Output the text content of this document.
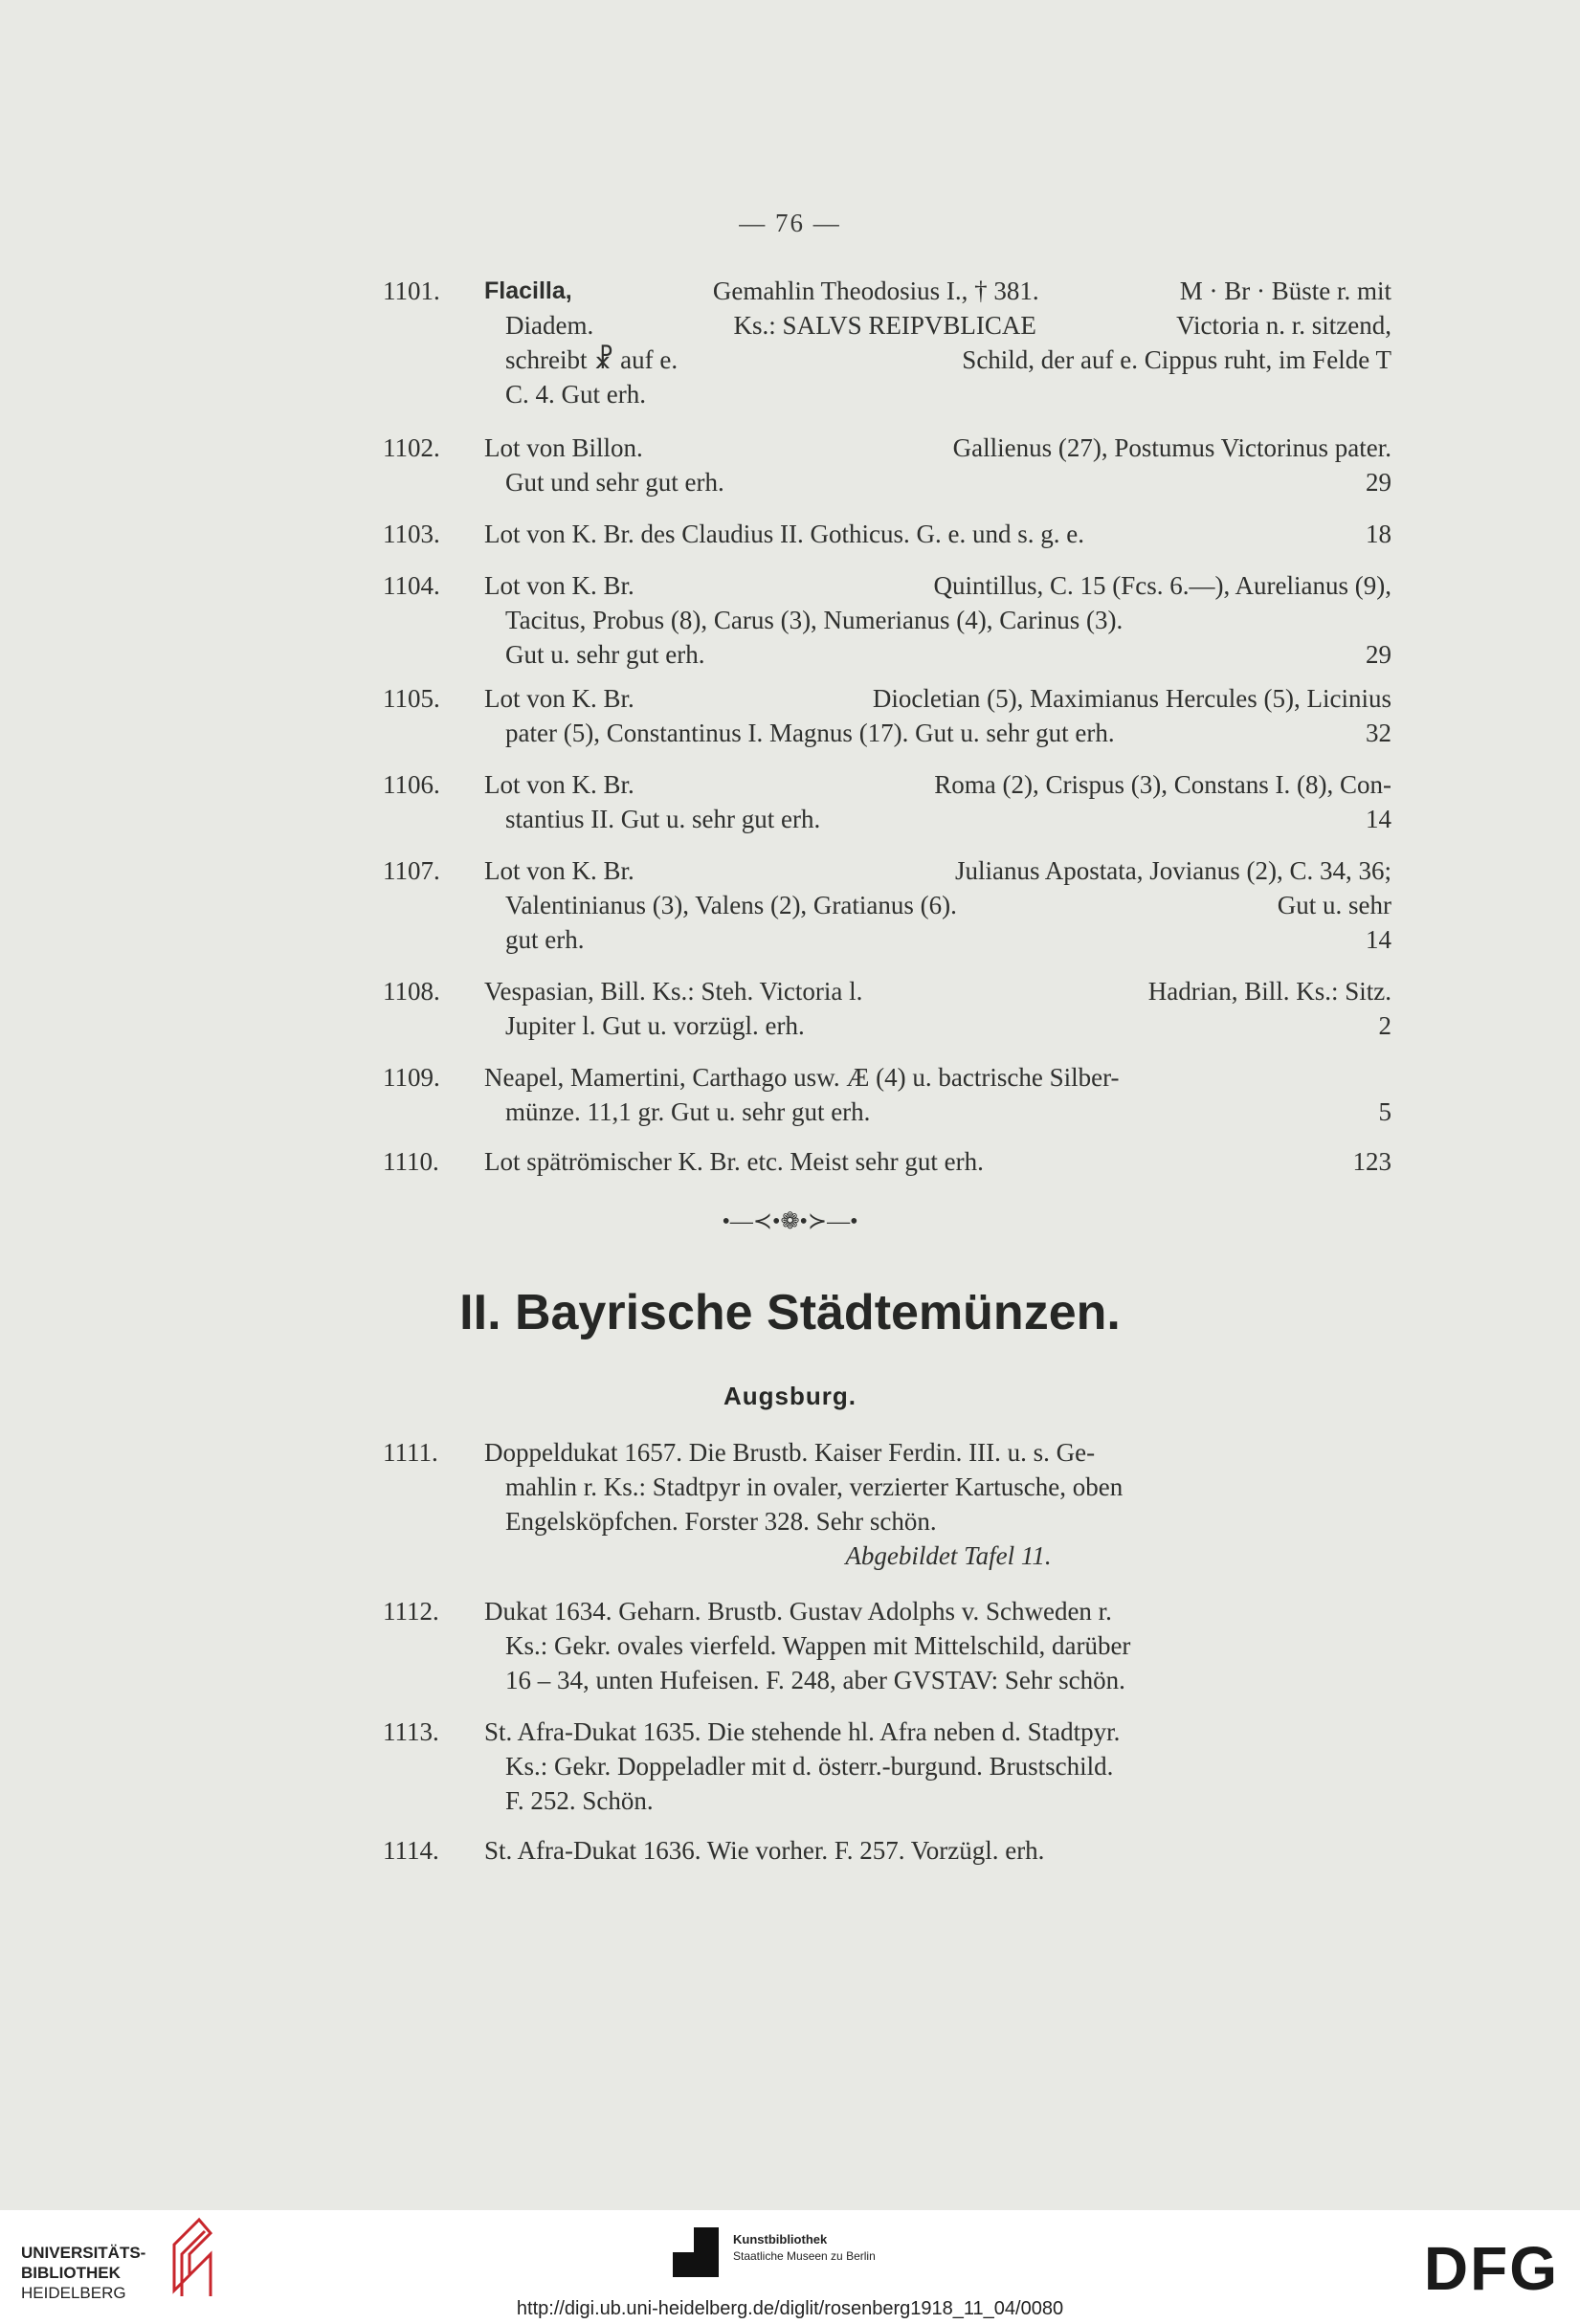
— 76 —
1101.	Flacilla,	Gemahlin Theodosius I., † 381.	M · Br · Büste r. mit
Diadem.	Ks.: SALVS REIPVBLICAE	Victoria n. r. sitzend,
schreibt ☧ auf e.	Schild, der auf e. Cippus ruht, im Felde T
C. 4. Gut erh.
1102.	Lot von Billon.	Gallienus (27), Postumus Victorinus pater.
Gut und sehr gut erh.	29
1103.	Lot von K. Br. des Claudius II. Gothicus. G. e. und s. g. e.	18
1104.	Lot von K. Br.	Quintillus, C. 15 (Fcs. 6.—), Aurelianus (9),
Tacitus, Probus (8), Carus (3), Numerianus (4), Carinus (3).
Gut u. sehr gut erh.	29
1105.	Lot von K. Br.	Diocletian (5), Maximianus Hercules (5), Licinius
pater (5), Constantinus I. Magnus (17). Gut u. sehr gut erh.	32
1106.	Lot von K. Br.	Roma (2), Crispus (3), Constans I. (8), Con-
stantius II. Gut u. sehr gut erh.	14
1107.	Lot von K. Br.	Julianus Apostata, Jovianus (2), C. 34, 36;
Valentinianus (3), Valens (2), Gratianus (6).	Gut u. sehr
gut erh.	14
1108.	Vespasian, Bill. Ks.: Steh. Victoria l.	Hadrian, Bill. Ks.: Sitz.
Jupiter l. Gut u. vorzügl. erh.	2
1109.	Neapel, Mamertini, Carthago usw. Æ (4) u. bactrische Silber-
münze. 11,1 gr. Gut u. sehr gut erh.	5
1110.	Lot spätrömischer K. Br. etc. Meist sehr gut erh.	123
•—≺•❁•≻—•
II. Bayrische Städtemünzen.
Augsburg.
1111.	Doppeldukat 1657. Die Brustb. Kaiser Ferdin. III. u. s. Ge-
mahlin r. Ks.: Stadtpyr in ovaler, verzierter Kartusche, oben
Engelsköpfchen. Forster 328. Sehr schön.
Abgebildet Tafel 11.
1112.	Dukat 1634. Geharn. Brustb. Gustav Adolphs v. Schweden r.
Ks.: Gekr. ovales vierfeld. Wappen mit Mittelschild, darüber
16 – 34, unten Hufeisen. F. 248, aber GVSTAV: Sehr schön.
1113.	St. Afra-Dukat 1635. Die stehende hl. Afra neben d. Stadtpyr.
Ks.: Gekr. Doppeladler mit d. österr.-burgund. Brustschild.
F. 252. Schön.
1114.	St. Afra-Dukat 1636. Wie vorher. F. 257. Vorzügl. erh.
UNIVERSITÄTS-
BIBLIOTHEK
HEIDELBERG
Kunstbibliothek
Staatliche Museen zu Berlin	DFG
http://digi.ub.uni-heidelberg.de/diglit/rosenberg1918_11_04/0080
